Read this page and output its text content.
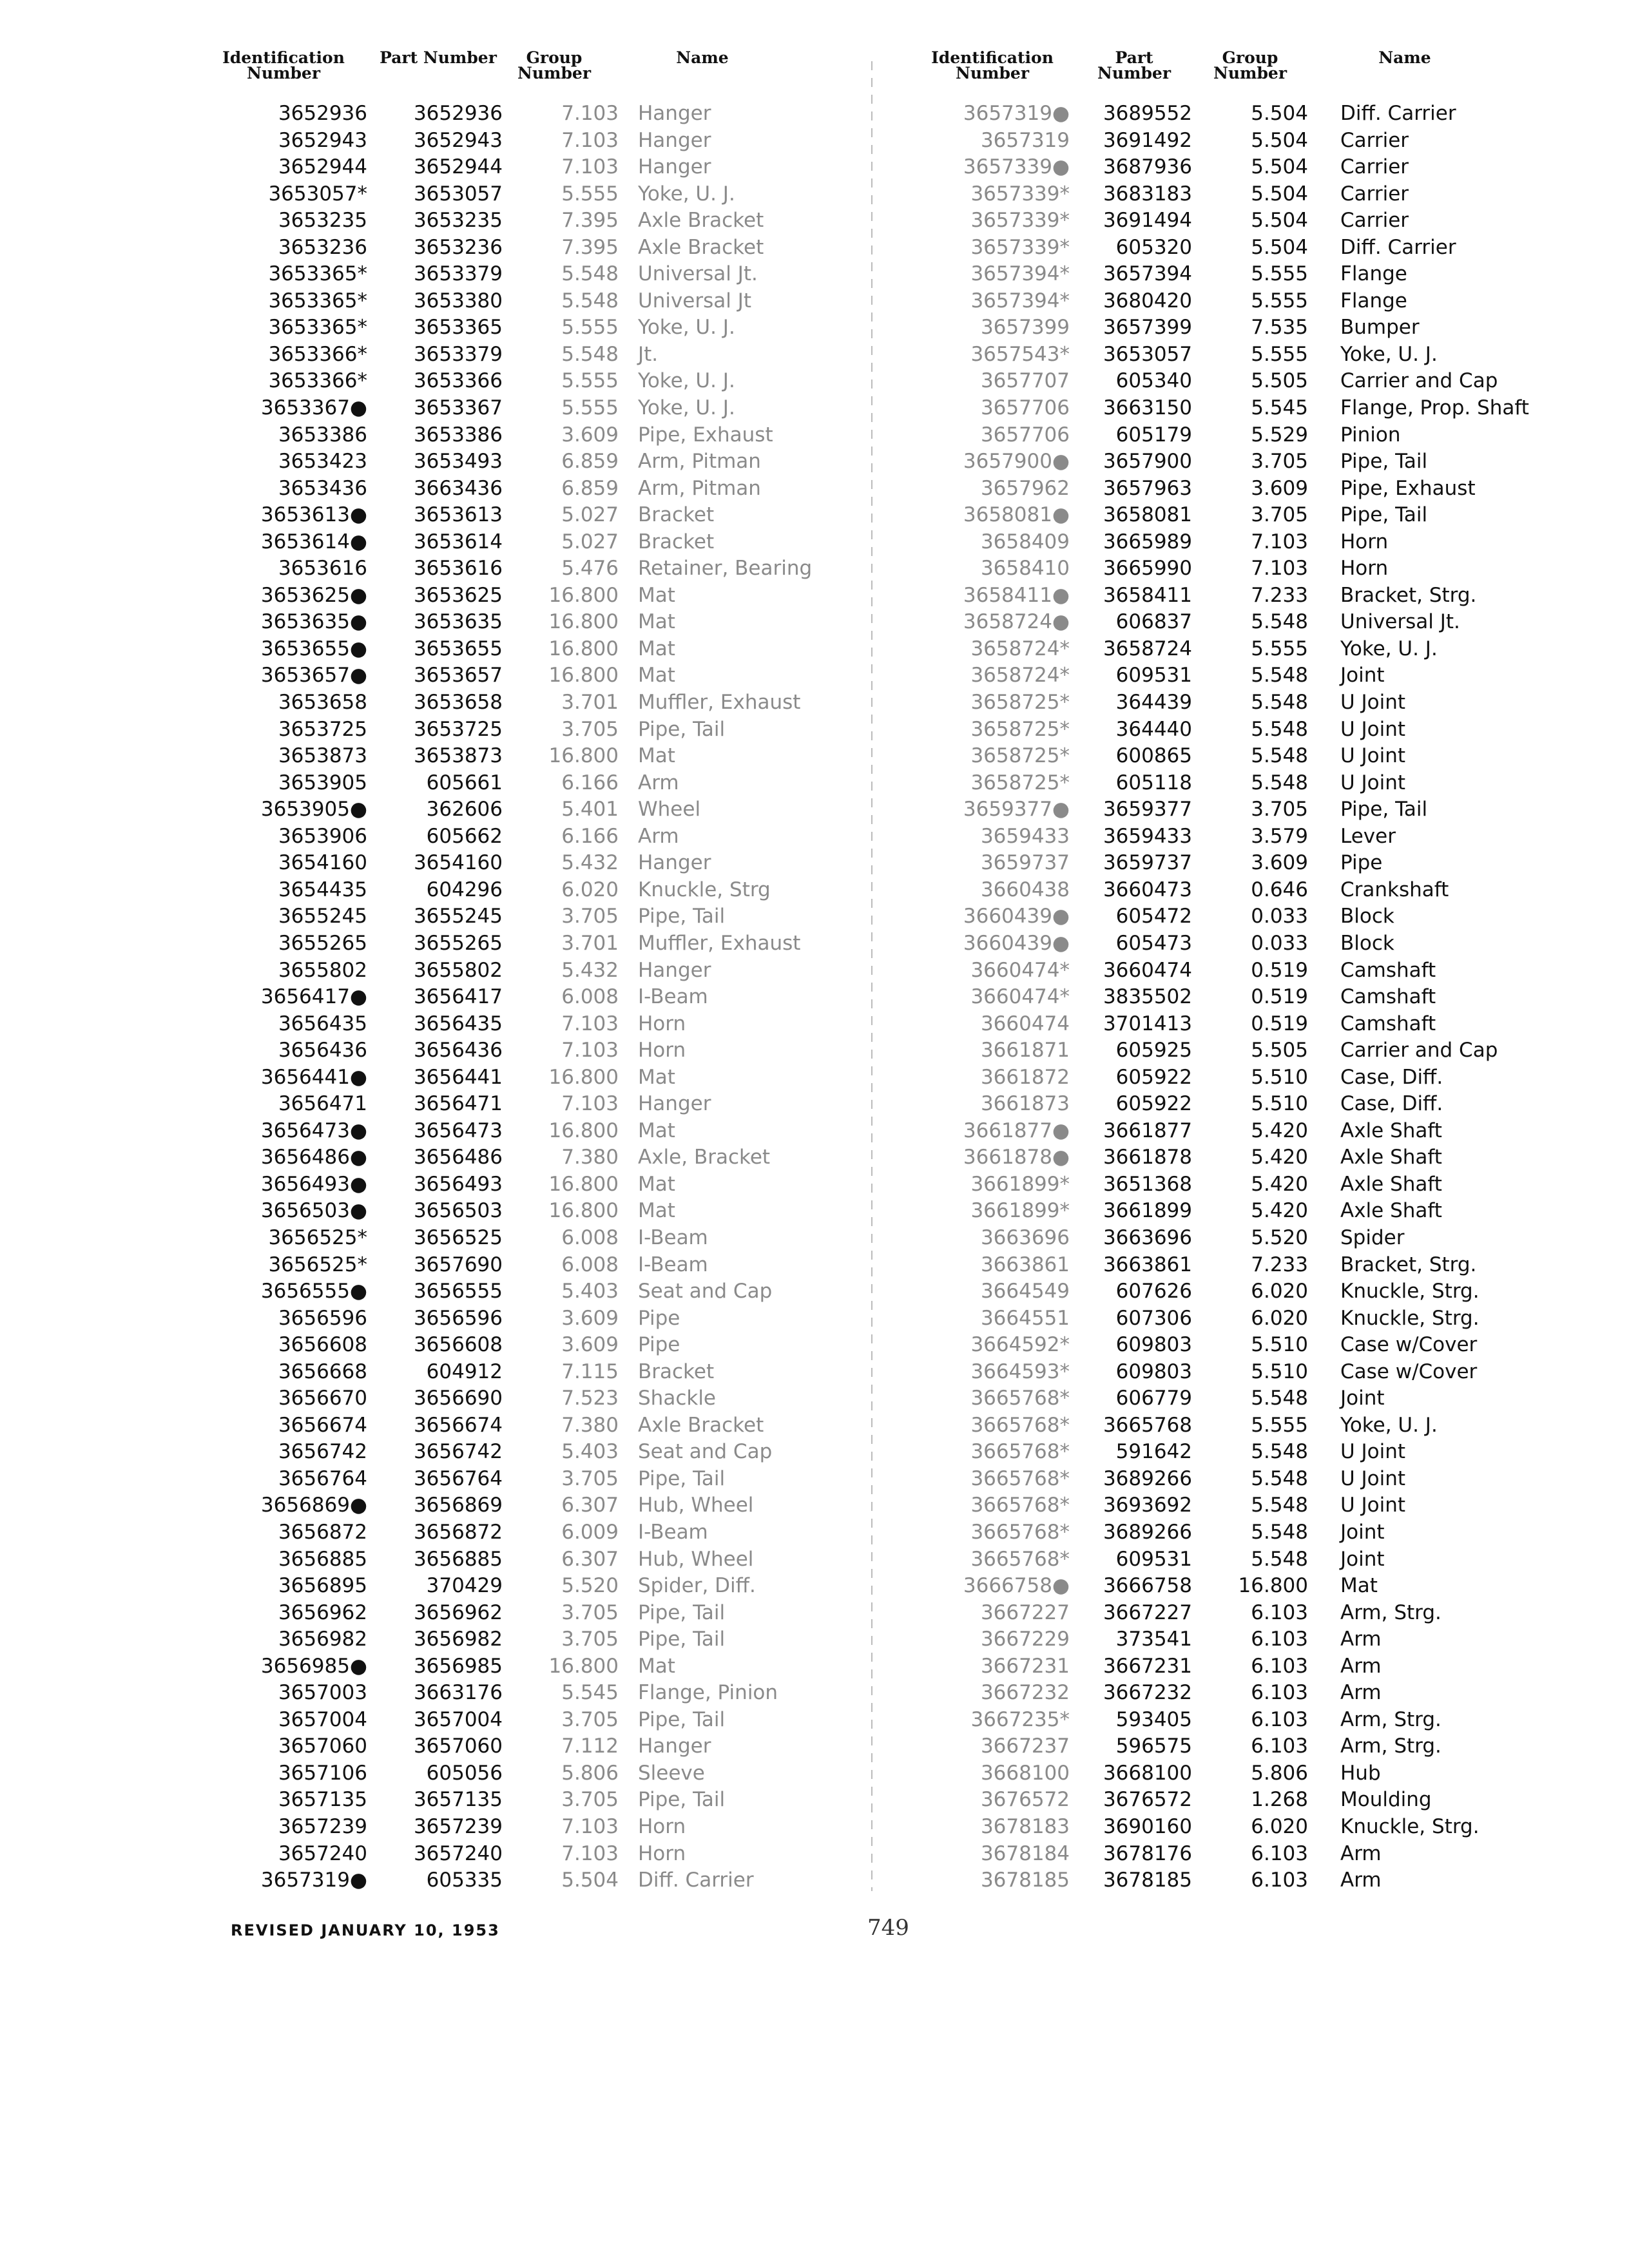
Identification Number
Part Number	Group Number
Name
3652936	3652936	7.103 Hanger
3652943	3652943	7.103 Hanger
3652944	3652944	7.103 Hanger
3653057*	3653057	5.555 Yoke, U. J.
3653235	3653235	7.395 Axle Bracket
3653236	3653236	7.395 Axle Bracket
3653365*	3653379	5.548 Universal Jt.
3653365*	3653380	5.548 Universal Jt
3653365*	3653365	5.555 Yoke, U. J.
3653366*	3653379	5.548 Jt.
3653366*	3653366	5.555 Yoke, U. J.
3653367●	3653367	5.555 Yoke, U. J.
3653386	3653386	3.609 Pipe, Exhaust
3653423	3653493	6.859 Arm, Pitman
3653436	3663436	6.859 Arm, Pitman
3653613●	3653613	5.027 Bracket
3653614●	3653614	5.027 Bracket
3653616	3653616	5.476 Retainer, Bearing
3653625●	3653625	16.800 Mat
3653635●	3653635	16.800 Mat
3653655●	3653655	16.800 Mat
3653657●	3653657	16.800 Mat
3653658	3653658	3.701 Muffler, Exhaust
3653725	3653725	3.705 Pipe, Tail
3653873	3653873	16.800 Mat
3653905	605661	6.166 Arm
3653905●	362606	5.401 Wheel
3653906	605662	6.166 Arm
3654160	3654160	5.432 Hanger
3654435	604296	6.020 Knuckle, Strg
3655245	3655245	3.705 Pipe, Tail
3655265	3655265	3.701 Muffler, Exhaust
3655802	3655802	5.432 Hanger
3656417●	3656417	6.008 I-Beam
3656435	3656435	7.103 Horn
3656436	3656436	7.103 Horn
3656441●	3656441	16.800 Mat
3656471	3656471	7.103 Hanger
3656473●	3656473	16.800 Mat
3656486●	3656486	7.380 Axle, Bracket
3656493●	3656493	16.800 Mat
3656503●	3656503	16.800 Mat
3656525*	3656525	6.008 I-Beam
3656525*	3657690	6.008 I-Beam
3656555●	3656555	5.403 Seat and Cap
3656596	3656596	3.609 Pipe
3656608	3656608	3.609 Pipe
3656668	604912	7.115 Bracket
3656670	3656690	7.523 Shackle
3656674	3656674	7.380 Axle Bracket
3656742	3656742	5.403 Seat and Cap
3656764	3656764	3.705 Pipe, Tail
3656869●	3656869	6.307 Hub, Wheel
3656872	3656872	6.009 I-Beam
3656885	3656885	6.307 Hub, Wheel
3656895	370429	5.520 Spider, Diff.
3656962	3656962	3.705 Pipe, Tail
3656982	3656982	3.705 Pipe, Tail
3656985●	3656985	16.800 Mat
3657003	3663176	5.545 Flange, Pinion
3657004	3657004	3.705 Pipe, Tail
3657060	3657060	7.112 Hanger
3657106	605056	5.806 Sleeve
3657135	3657135	3.705 Pipe, Tail
3657239	3657239	7.103 Horn
3657240	3657240	7.103 Horn
3657319●	605335	5.504 Diff. Carrier
Identification Number
Part Number
Group Number
Name
3657319●	3689552	5.504 Diff. Carrier
3657319	3691492	5.504 Carrier
3657339●	3687936	5.504 Carrier
3657339*	3683183	5.504 Carrier
3657339*	3691494	5.504 Carrier
3657339*	605320	5.504 Diff. Carrier
3657394*	3657394	5.555 Flange
3657394*	3680420	5.555 Flange
3657399	3657399	7.535 Bumper
3657543*	3653057	5.555 Yoke, U. J.
3657707	605340	5.505 Carrier and Cap
3657706	3663150	5.545 Flange, Prop. Shaft
3657706	605179	5.529 Pinion
3657900●	3657900	3.705 Pipe, Tail
3657962	3657963	3.609 Pipe, Exhaust
3658081●	3658081	3.705 Pipe, Tail
3658409	3665989	7.103 Horn
3658410	3665990	7.103 Horn
3658411●	3658411	7.233 Bracket, Strg.
3658724●	606837	5.548 Universal Jt.
3658724*	3658724	5.555 Yoke, U. J.
3658724*	609531	5.548 Joint
3658725*	364439	5.548 U Joint
3658725*	364440	5.548 U Joint
3658725*	600865	5.548 U Joint
3658725*	605118	5.548 U Joint
3659377●	3659377	3.705 Pipe, Tail
3659433	3659433	3.579 Lever
3659737	3659737	3.609 Pipe
3660438	3660473	0.646 Crankshaft
3660439●	605472	0.033 Block
3660439●	605473	0.033 Block
3660474*	3660474	0.519 Camshaft
3660474*	3835502	0.519 Camshaft
3660474	3701413	0.519 Camshaft
3661871	605925	5.505 Carrier and Cap
3661872	605922	5.510 Case, Diff.
3661873	605922	5.510 Case, Diff.
3661877●	3661877	5.420 Axle Shaft
3661878●	3661878	5.420 Axle Shaft
3661899*	3651368	5.420 Axle Shaft
3661899*	3661899	5.420 Axle Shaft
3663696	3663696	5.520 Spider
3663861	3663861	7.233 Bracket, Strg.
3664549	607626	6.020 Knuckle, Strg.
3664551	607306	6.020 Knuckle, Strg.
3664592*	609803	5.510 Case w/Cover
3664593*	609803	5.510 Case w/Cover
3665768*	606779	5.548 Joint
3665768*	3665768	5.555 Yoke, U. J.
3665768*	591642	5.548 U Joint
3665768*	3689266	5.548 U Joint
3665768*	3693692	5.548 U Joint
3665768*	3689266	5.548 Joint
3665768*	609531	5.548 Joint
3666758●	3666758	16.800 Mat
3667227	3667227	6.103 Arm, Strg.
3667229	373541	6.103 Arm
3667231	3667231	6.103 Arm
3667232	3667232	6.103 Arm
3667235*	593405	6.103 Arm, Strg.
3667237	596575	6.103 Arm, Strg.
3668100	3668100	5.806 Hub
3676572	3676572	1.268 Moulding
3678183	3690160	6.020 Knuckle, Strg.
3678184	3678176	6.103 Arm
3678185	3678185	6.103 Arm
REVISED JANUARY 10, 1953	749
